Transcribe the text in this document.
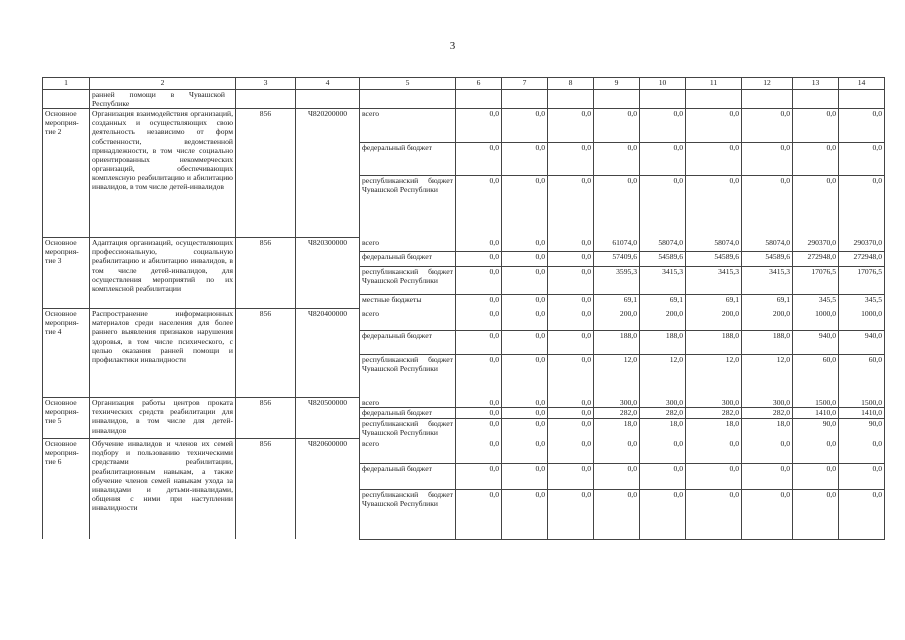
3
1	2	3	4	5	6	7	8	9	10	11	12	13	14
	ранней помощи в Чувашской Республике												
Основное мероприя-тие 2	Организация взаимодействия организаций, созданных и осуществляющих свою деятельность независимо от форм собственности, ведомственной принадлежности, в том числе социально ориентированных некоммерческих организаций, обеспечивающих комплексную реабилитацию и абилитацию инвалидов, в том числе детей-инвалидов	856	Ч820200000	всего	0,0	0,0	0,0	0,0	0,0	0,0	0,0	0,0	0,0
				федеральный бюджет	0,0	0,0	0,0	0,0	0,0	0,0	0,0	0,0	0,0
				республиканский бюджет Чувашской Республики	0,0	0,0	0,0	0,0	0,0	0,0	0,0	0,0	0,0
Основное мероприя-тие 3	Адаптация организаций, осуществляющих профессиональную, социальную реабилитацию и абилитацию инвалидов, в том числе детей-инвалидов, для осуществления мероприятий по их комплексной реабилитации	856	Ч820300000	всего	0,0	0,0	0,0	61074,0	58074,0	58074,0	58074,0	290370,0	290370,0
				федеральный бюджет	0,0	0,0	0,0	57409,6	54589,6	54589,6	54589,6	272948,0	272948,0
				республиканский бюджет Чувашской Республики	0,0	0,0	0,0	3595,3	3415,3	3415,3	3415,3	17076,5	17076,5
				местные бюджеты	0,0	0,0	0,0	69,1	69,1	69,1	69,1	345,5	345,5
Основное мероприя-тие 4	Распространение информационных материалов среди населения для более раннего выявления признаков нарушения здоровья, в том числе психического, с целью оказания ранней помощи и профилактики инвалидности	856	Ч820400000	всего	0,0	0,0	0,0	200,0	200,0	200,0	200,0	1000,0	1000,0
				федеральный бюджет	0,0	0,0	0,0	188,0	188,0	188,0	188,0	940,0	940,0
				республиканский бюджет Чувашской Республики	0,0	0,0	0,0	12,0	12,0	12,0	12,0	60,0	60,0
Основное мероприя-тие 5	Организация работы центров проката технических средств реабилитации для инвалидов, в том числе для детей-инвалидов	856	Ч820500000	всего	0,0	0,0	0,0	300,0	300,0	300,0	300,0	1500,0	1500,0
				федеральный бюджет	0,0	0,0	0,0	282,0	282,0	282,0	282,0	1410,0	1410,0
				республиканский бюджет Чувашской Республики	0,0	0,0	0,0	18,0	18,0	18,0	18,0	90,0	90,0
Основное мероприя-тие 6	Обучение инвалидов и членов их семей подбору и пользованию техническими средствами реабилитации, реабилитационным навыкам, а также обучение членов семей навыкам ухода за инвалидами и детьми-инвалидами, общения с ними при наступлении инвалидности	856	Ч820600000	всего	0,0	0,0	0,0	0,0	0,0	0,0	0,0	0,0	0,0
				федеральный бюджет	0,0	0,0	0,0	0,0	0,0	0,0	0,0	0,0	0,0
				республиканский бюджет Чувашской Республики	0,0	0,0	0,0	0,0	0,0	0,0	0,0	0,0	0,0
